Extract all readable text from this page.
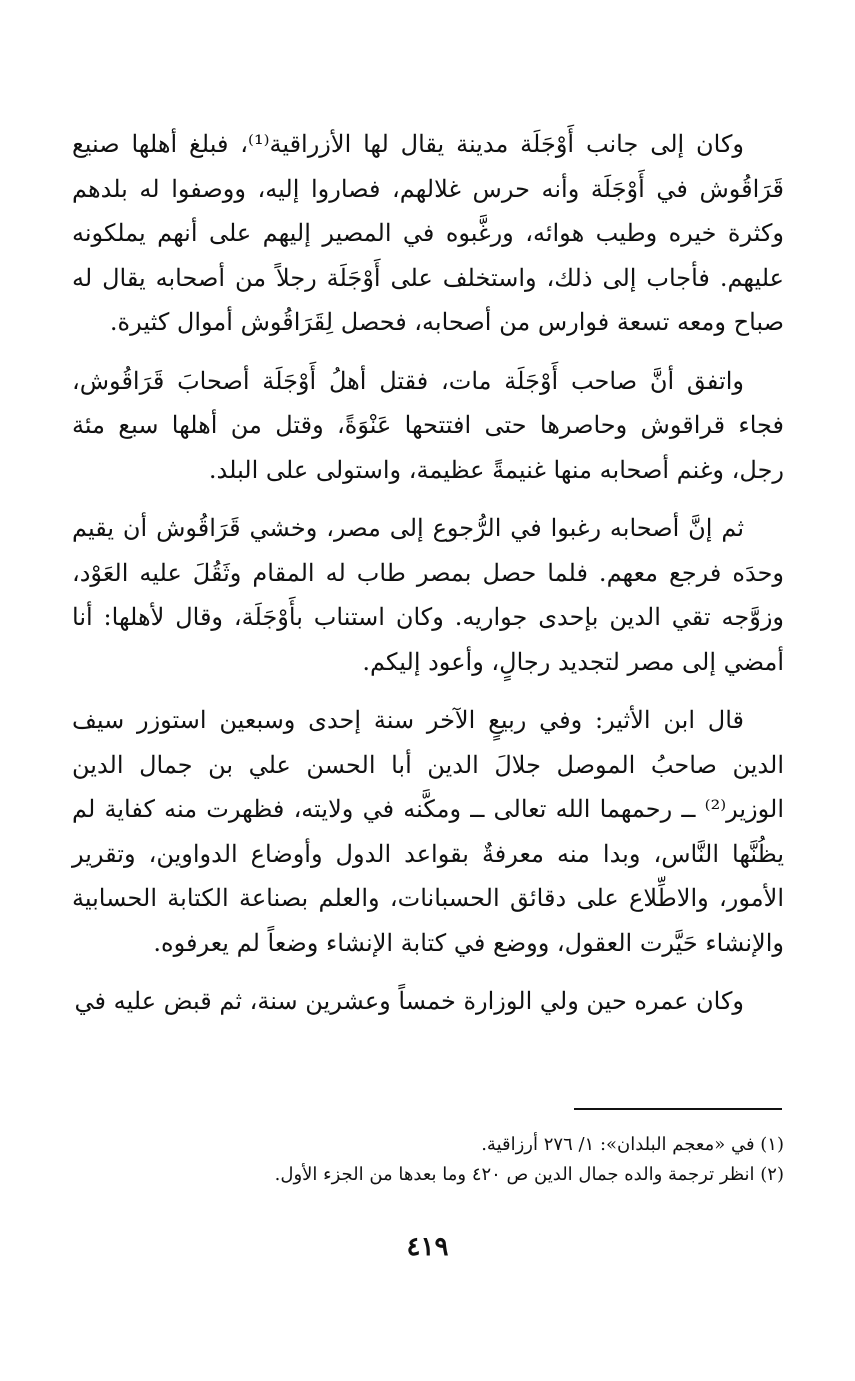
وكان إلى جانب أَوْجَلَة مدينة يقال لها الأزراقية⁽¹⁾، فبلغ أهلها صنيع قَرَاقُوش في أَوْجَلَة وأنه حرس غلالهم، فصاروا إليه، ووصفوا له بلدهم وكثرة خيره وطيب هوائه، ورغَّبوه في المصير إليهم على أنهم يملكونه عليهم. فأجاب إلى ذلك، واستخلف على أَوْجَلَة رجلاً من أصحابه يقال له صباح ومعه تسعة فوارس من أصحابه، فحصل لِقَرَاقُوش أموال كثيرة.

واتفق أنَّ صاحب أَوْجَلَة مات، فقتل أهلُ أَوْجَلَة أصحابَ قَرَاقُوش، فجاء قراقوش وحاصرها حتى افتتحها عَنْوَةً، وقتل من أهلها سبع مئة رجل، وغنم أصحابه منها غنيمةً عظيمة، واستولى على البلد.

ثم إنَّ أصحابه رغبوا في الرُّجوع إلى مصر، وخشي قَرَاقُوش أن يقيم وحدَه فرجع معهم. فلما حصل بمصر طاب له المقام وثَقُلَ عليه العَوْد، وزوَّجه تقي الدين بإحدى جواريه. وكان استناب بأَوْجَلَة، وقال لأهلها: أنا أمضي إلى مصر لتجديد رجالٍ، وأعود إليكم.

قال ابن الأثير: وفي ربيعٍ الآخر سنة إحدى وسبعين استوزر سيف الدين صاحبُ الموصل جلالَ الدين أبا الحسن علي بن جمال الدين الوزير⁽²⁾ ــ رحمهما الله تعالى ــ ومكَّنه في ولايته، فظهرت منه كفاية لم يظُنَّها النَّاس، وبدا منه معرفةٌ بقواعد الدول وأوضاع الدواوين، وتقرير الأمور، والاطِّلاع على دقائق الحسبانات، والعلم بصناعة الكتابة الحسابية والإنشاء حَيَّرت العقول، ووضع في كتابة الإنشاء وضعاً لم يعرفوه.

وكان عمره حين ولي الوزارة خمساً وعشرين سنة، ثم قبض عليه في

(١) في «معجم البلدان»: ١/ ٢٧٦ أرزاقية.

(٢) انظر ترجمة والده جمال الدين ص ٤٢٠ وما بعدها من الجزء الأول.

٤١٩
